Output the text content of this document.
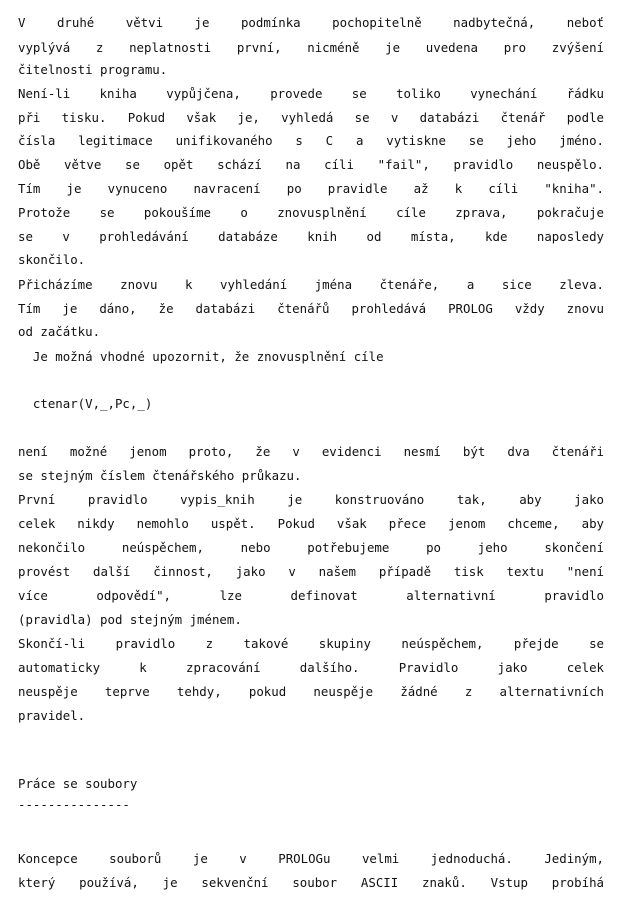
V druhé větvi je podmínka pochopitelně nadbytečná, neboť
vyplývá z neplatnosti první, nicméně je uvedena pro zvýšení
čitelnosti programu.
Není-li kniha vypůjčena, provede se toliko vynechání řádku
při tisku. Pokud však je, vyhledá se v databázi čtenář podle
čísla legitimace unifikovaného s C a vytiskne se jeho jméno.
Obě větve se opět schází na cíli "fail", pravidlo neuspělo.
Tím je vynuceno navracení po pravidle až k cíli "kniha".
Protože se pokoušíme o znovusplnění cíle zprava, pokračuje
se v prohledávání databáze knih od místa, kde naposledy
skončilo.
Přicházíme znovu k vyhledání jména čtenáře, a sice zleva.
Tím je dáno, že databázi čtenářů prohledává PROLOG vždy znovu
od začátku.
Je možná vhodné upozornit, že znovusplnění cíle
ctenar(V,_,Pc,_)
není možné jenom proto, že v evidenci nesmí být dva čtenáři
se stejným číslem čtenářského průkazu.
První pravidlo vypis_knih je konstruováno tak, aby jako
celek nikdy nemohlo uspět. Pokud však přece jenom chceme, aby
nekončilo neúspěchem, nebo potřebujeme po jeho skončení
provést další činnost, jako v našem případě tisk textu "není
více odpovědí", lze definovat alternativní pravidlo
(pravidla) pod stejným jménem.
Skončí-li pravidlo z takové skupiny neúspěchem, přejde se
automaticky k zpracování dalšího. Pravidlo jako celek
neuspěje teprve tehdy, pokud neuspěje žádné z alternativních
pravidel.
Práce se soubory
---------------
Koncepce souborů je v PROLOGu velmi jednoduchá. Jediným,
který používá, je sekvenční soubor ASCII znaků. Vstup probíhá
